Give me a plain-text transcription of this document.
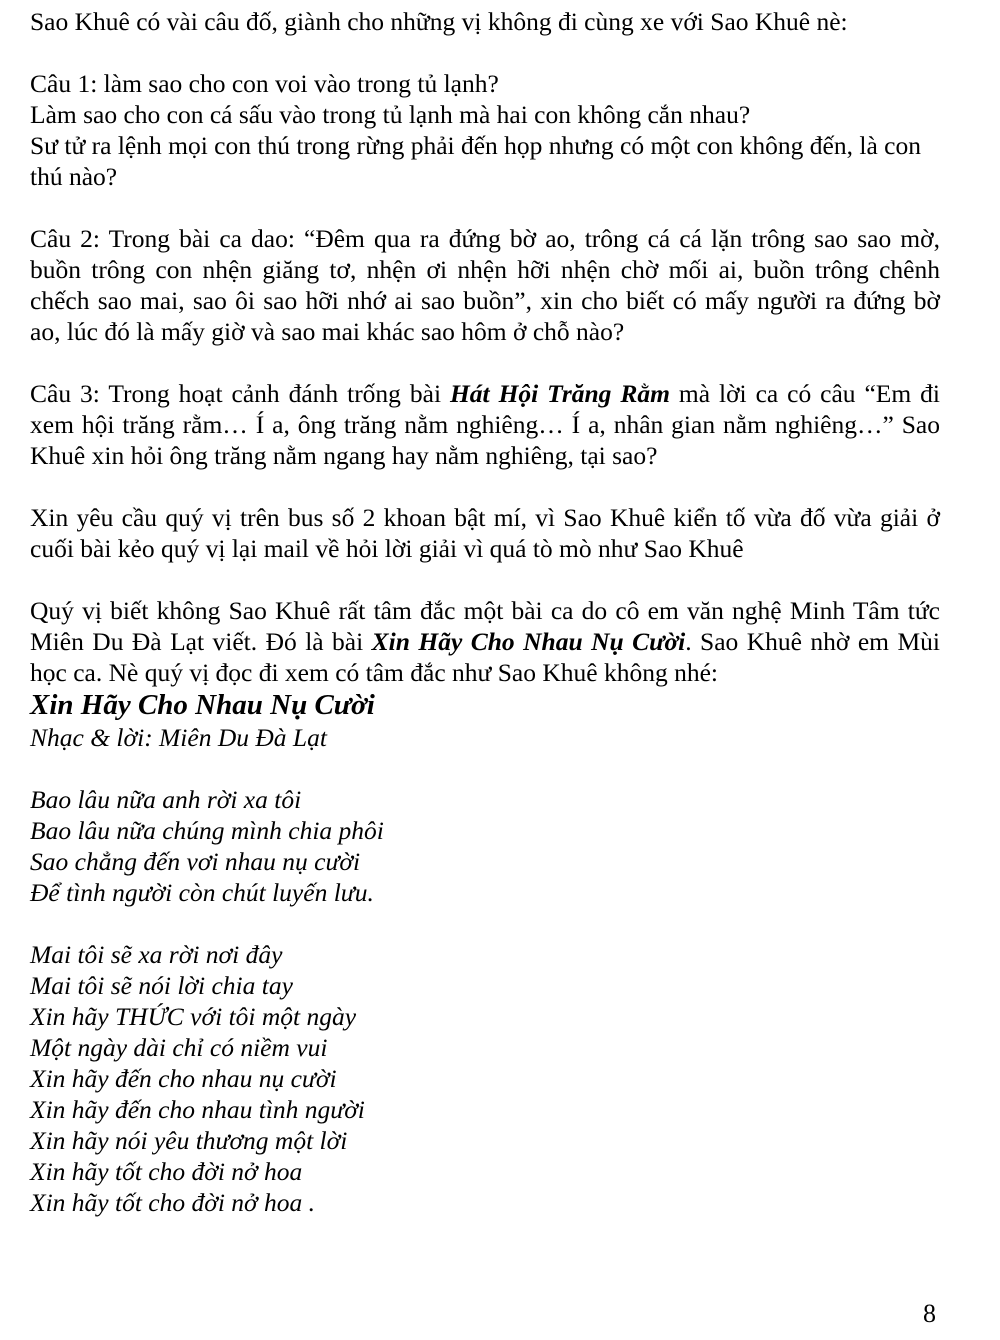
Sao Khuê có vài câu đố, giành cho những vị không đi cùng xe với Sao Khuê nè:

Câu 1: làm sao cho con voi vào trong tủ lạnh?
Làm sao cho con cá sấu vào trong tủ lạnh mà hai con không cắn nhau?

Sư tử ra lệnh mọi con thú trong rừng phải đến họp nhưng có một con không đến, là con thú nào?

Câu 2: Trong bài ca dao: “Đêm qua ra đứng bờ ao, trông cá cá lặn trông sao sao mờ, buồn trông con nhện giăng tơ, nhện ơi nhện hỡi nhện chờ mối ai, buồn trông chênh chếch sao mai, sao ôi sao hỡi nhớ ai sao buồn”, xin cho biết có mấy người ra đứng bờ ao, lúc đó là mấy giờ và sao mai khác sao hôm ở chỗ nào?

Câu 3: Trong hoạt cảnh đánh trống bài Hát Hội Trăng Rằm mà lời ca có câu “Em đi xem hội trăng rằm… Í a, ông trăng nằm nghiêng… Í a, nhân gian nằm nghiêng…” Sao Khuê xin hỏi ông trăng nằm ngang hay nằm nghiêng, tại sao?

Xin yêu cầu quý vị trên bus số 2 khoan bật mí, vì Sao Khuê kiển tố vừa đố vừa giải ở cuối bài kẻo quý vị lại mail về hỏi lời giải vì quá tò mò như Sao Khuê

Quý vị biết không Sao Khuê rất tâm đắc một bài ca do cô em văn nghệ Minh Tâm tức Miên Du Đà Lạt viết. Đó là bài Xin Hãy Cho Nhau Nụ Cười. Sao Khuê nhờ em Mùi học ca. Nè quý vị đọc đi xem có tâm đắc như Sao Khuê không nhé:

Xin Hãy Cho Nhau Nụ Cười
Nhạc & lời: Miên Du Đà Lạt
Bao lâu nữa anh rời xa tôi
Bao lâu nữa chúng mình chia phôi
Sao chẳng đến vơi nhau nụ cười
Để tình người còn chút luyến lưu.
Mai tôi sẽ xa rời nơi đây
Mai tôi sẽ nói lời chia tay
Xin hãy THỨC với tôi một ngày
Một ngày dài chỉ có niềm vui
Xin hãy đến cho nhau nụ cười
Xin hãy đến cho nhau tình người
Xin hãy nói yêu thương một lời
Xin hãy tốt cho đời nở hoa
Xin hãy tốt cho đời nở hoa .
8
